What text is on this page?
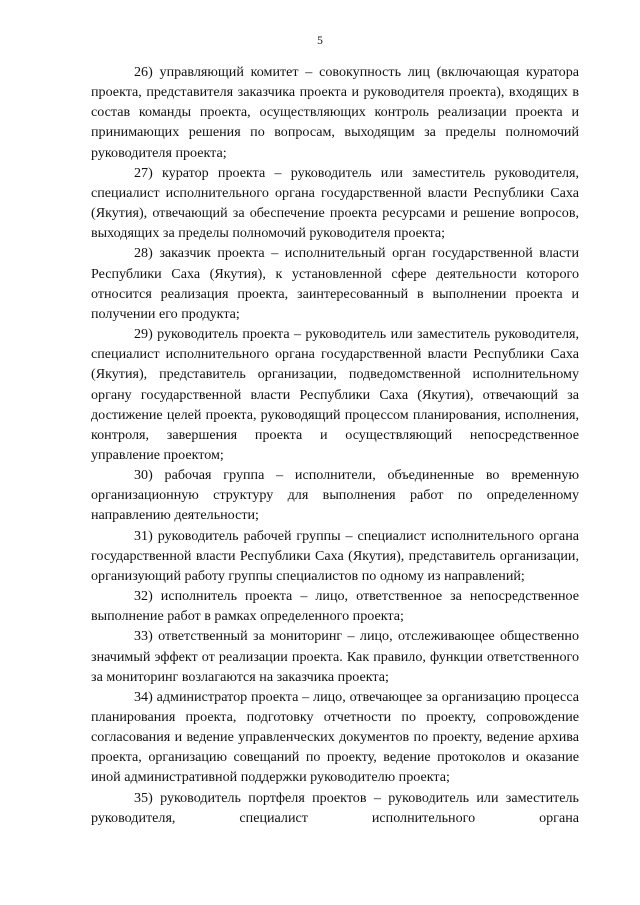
5

26) управляющий комитет – совокупность лиц (включающая куратора проекта, представителя заказчика проекта и руководителя проекта), входящих в состав команды проекта, осуществляющих контроль реализации проекта и принимающих решения по вопросам, выходящим за пределы полномочий руководителя проекта;

27) куратор проекта – руководитель или заместитель руководителя, специалист исполнительного органа государственной власти Республики Саха (Якутия), отвечающий за обеспечение проекта ресурсами и решение вопросов, выходящих за пределы полномочий руководителя проекта;

28) заказчик проекта – исполнительный орган государственной власти Республики Саха (Якутия), к установленной сфере деятельности которого относится реализация проекта, заинтересованный в выполнении проекта и получении его продукта;

29) руководитель проекта – руководитель или заместитель руководителя, специалист исполнительного органа государственной власти Республики Саха (Якутия), представитель организации, подведомственной исполнительному органу государственной власти Республики Саха (Якутия), отвечающий за достижение целей проекта, руководящий процессом планирования, исполнения, контроля, завершения проекта и осуществляющий непосредственное управление проектом;

30) рабочая группа – исполнители, объединенные во временную организационную структуру для выполнения работ по определенному направлению деятельности;

31) руководитель рабочей группы – специалист исполнительного органа государственной власти Республики Саха (Якутия), представитель организации, организующий работу группы специалистов по одному из направлений;

32) исполнитель проекта – лицо, ответственное за непосредственное выполнение работ в рамках определенного проекта;

33) ответственный за мониторинг – лицо, отслеживающее общественно значимый эффект от реализации проекта. Как правило, функции ответственного за мониторинг возлагаются на заказчика проекта;

34) администратор проекта – лицо, отвечающее за организацию процесса планирования проекта, подготовку отчетности по проекту, сопровождение согласования и ведение управленческих документов по проекту, ведение архива проекта, организацию совещаний по проекту, ведение протоколов и оказание иной административной поддержки руководителю проекта;

35) руководитель портфеля проектов – руководитель или заместитель руководителя, специалист исполнительного органа
